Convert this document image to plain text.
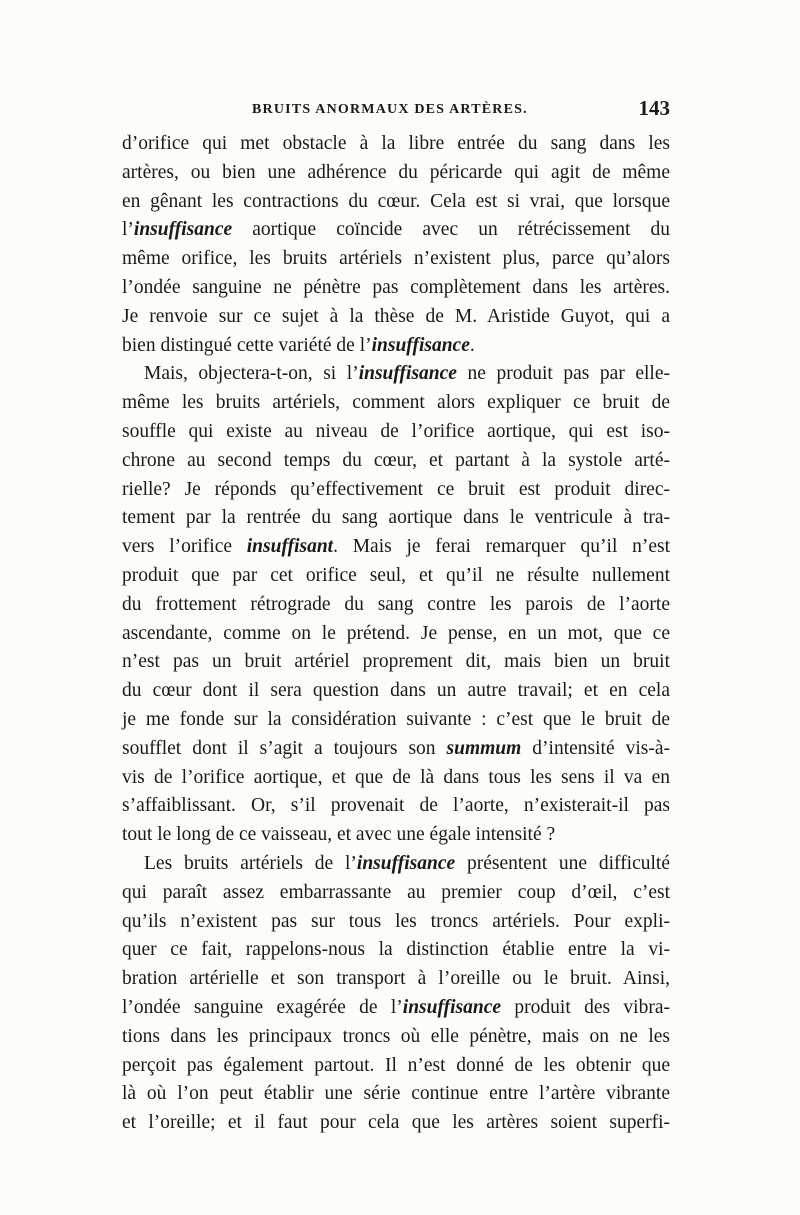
BRUITS ANORMAUX DES ARTÈRES.	143
d’orifice qui met obstacle à la libre entrée du sang dans les
artères, ou bien une adhérence du péricarde qui agit de même
en gênant les contractions du cœur. Cela est si vrai, que lorsque
l’insuffisance aortique coïncide avec un rétrécissement du
même orifice, les bruits artériels n’existent plus, parce qu’alors
l’ondée sanguine ne pénètre pas complètement dans les artères.
Je renvoie sur ce sujet à la thèse de M. Aristide Guyot, qui a
bien distingué cette variété de l’insuffisance.
Mais, objectera-t-on, si l’insuffisance ne produit pas par elle-
même les bruits artériels, comment alors expliquer ce bruit de
souffle qui existe au niveau de l’orifice aortique, qui est iso-
chrone au second temps du cœur, et partant à la systole arté-
rielle? Je réponds qu’effectivement ce bruit est produit direc-
tement par la rentrée du sang aortique dans le ventricule à tra-
vers l’orifice insuffisant. Mais je ferai remarquer qu’il n’est
produit que par cet orifice seul, et qu’il ne résulte nullement
du frottement rétrograde du sang contre les parois de l’aorte
ascendante, comme on le prétend. Je pense, en un mot, que ce
n’est pas un bruit artériel proprement dit, mais bien un bruit
du cœur dont il sera question dans un autre travail; et en cela
je me fonde sur la considération suivante : c’est que le bruit de
soufflet dont il s’agit a toujours son summum d’intensité vis-à-
vis de l’orifice aortique, et que de là dans tous les sens il va en
s’affaiblissant. Or, s’il provenait de l’aorte, n’existerait-il pas
tout le long de ce vaisseau, et avec une égale intensité ?
Les bruits artériels de l’insuffisance présentent une difficulté
qui paraît assez embarrassante au premier coup d’œil, c’est
qu’ils n’existent pas sur tous les troncs artériels. Pour expli-
quer ce fait, rappelons-nous la distinction établie entre la vi-
bration artérielle et son transport à l’oreille ou le bruit. Ainsi,
l’ondée sanguine exagérée de l’insuffisance produit des vibra-
tions dans les principaux troncs où elle pénètre, mais on ne les
perçoit pas également partout. Il n’est donné de les obtenir que
là où l’on peut établir une série continue entre l’artère vibrante
et l’oreille; et il faut pour cela que les artères soient superfi-
